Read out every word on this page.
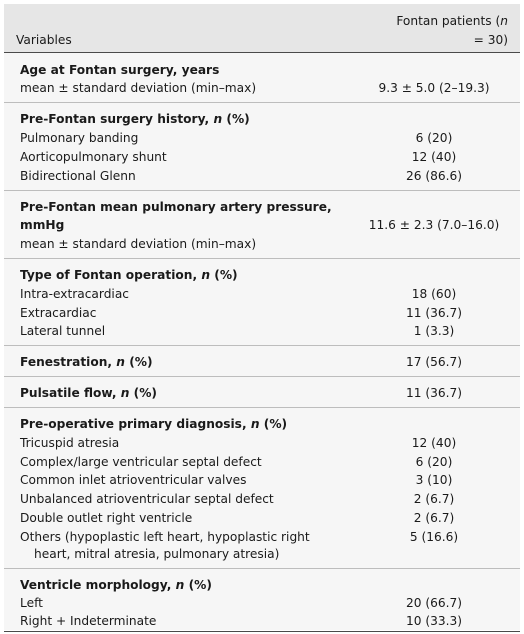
Variables
Fontan patients (n
= 30)
Age at Fontan surgery, years
mean ± standard deviation (min–max)	9.3 ± 5.0 (2–19.3)
Pre-Fontan surgery history, n (%)
Pulmonary banding	6 (20)
Aorticopulmonary shunt	12 (40)
Bidirectional Glenn	26 (86.6)
Pre-Fontan mean pulmonary artery pressure,
mmHg	11.6 ± 2.3 (7.0–16.0)
mean ± standard deviation (min–max)
Type of Fontan operation, n (%)
Intra-extracardiac	18 (60)
Extracardiac	11 (36.7)
Lateral tunnel	1 (3.3)
Fenestration, n (%)	17 (56.7)
Pulsatile flow, n (%)	11 (36.7)
Pre-operative primary diagnosis, n (%)
Tricuspid atresia	12 (40)
Complex/large ventricular septal defect	6 (20)
Common inlet atrioventricular valves	3 (10)
Unbalanced atrioventricular septal defect	2 (6.7)
Double outlet right ventricle	2 (6.7)
Others (hypoplastic left heart, hypoplastic right	5 (16.6)
heart, mitral atresia, pulmonary atresia)
Ventricle morphology, n (%)
Left	20 (66.7)
Right + Indeterminate	10 (33.3)
